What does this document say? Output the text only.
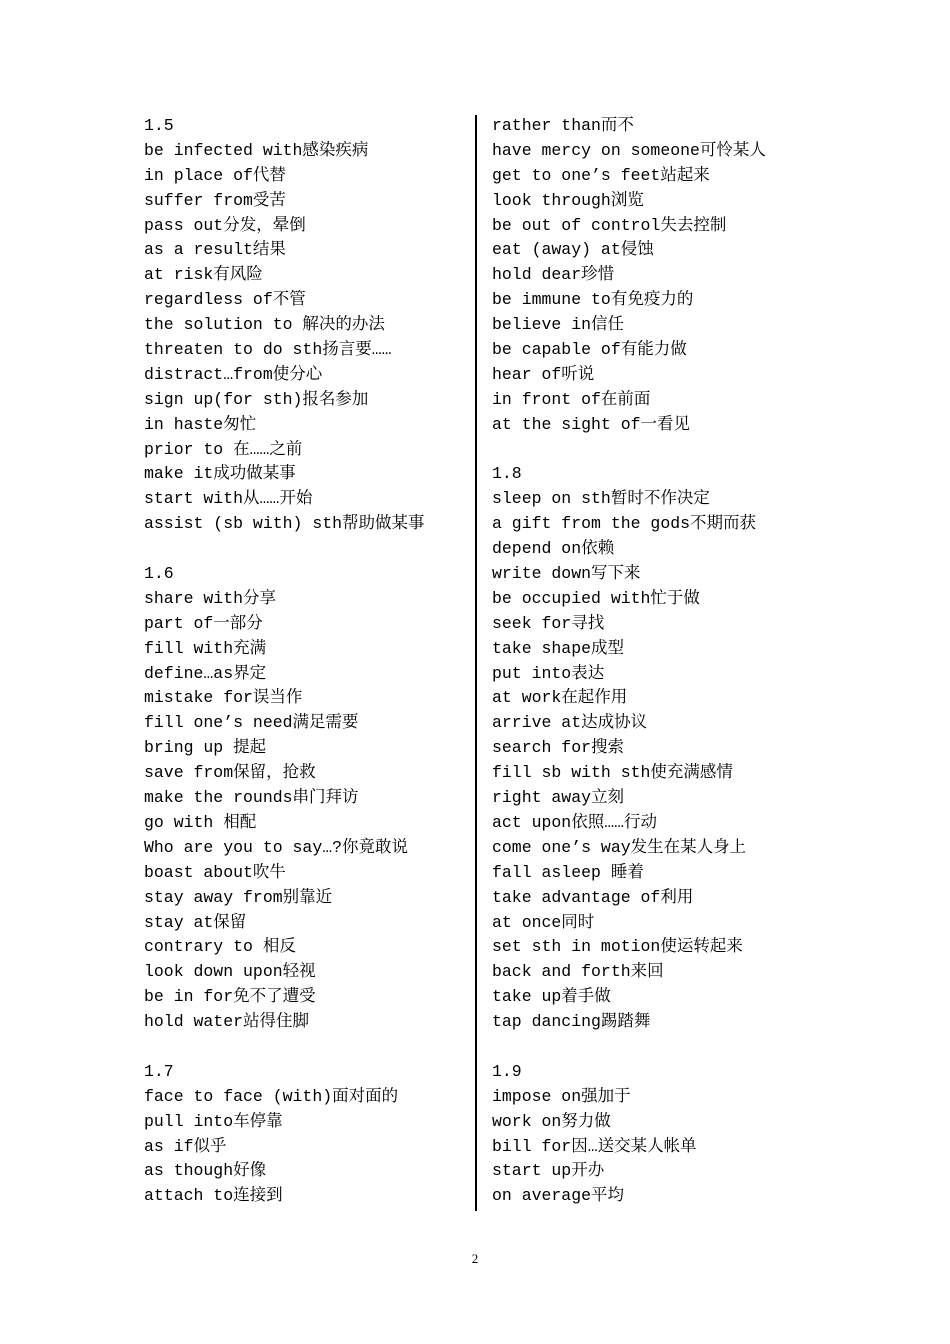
1.5
be infected with感染疾病
in place of代替
suffer from受苦
pass out分发，晕倒
as a result结果
at risk有风险
regardless of不管
the solution to 解决的办法
threaten to do sth扬言要……
distract…from使分心
sign up(for sth)报名参加
in haste匆忙
prior to 在……之前
make it成功做某事
start with从……开始
assist (sb with) sth帮助做某事
1.6
share with分享
part of一部分
fill with充满
define…as界定
mistake for误当作
fill one’s need满足需要
bring up 提起
save from保留，抢救
make the rounds串门拜访
go with 相配
Who are you to say…?你竟敢说
boast about吹牛
stay away from别靠近
stay at保留
contrary to 相反
look down upon轻视
be in for免不了遭受
hold water站得住脚
1.7
face to face (with)面对面的
pull into车停靠
as if似乎
as though好像
attach to连接到
rather than而不
have mercy on someone可怜某人
get to one’s feet站起来
look through浏览
be out of control失去控制
eat (away) at侵蚀
hold dear珍惜
be immune to有免疫力的
believe in信任
be capable of有能力做
hear of听说
in front of在前面
at the sight of一看见
1.8
sleep on sth暂时不作决定
a gift from the gods不期而获
depend on依赖
write down写下来
be occupied with忙于做
seek for寻找
take shape成型
put into表达
at work在起作用
arrive at达成协议
search for搜索
fill sb with sth使充满感情
right away立刻
act upon依照……行动
come one’s way发生在某人身上
fall asleep 睡着
take advantage of利用
at once同时
set sth in motion使运转起来
back and forth来回
take up着手做
tap dancing踢踏舞
1.9
impose on强加于
work on努力做
bill for因…送交某人帐单
start up开办
on average平均
2
